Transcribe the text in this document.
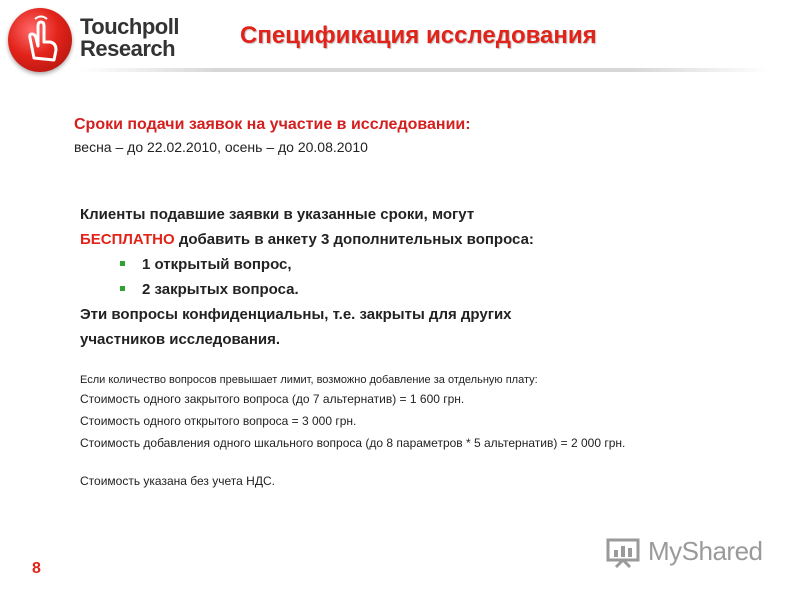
Touchpoll
Research	Спецификация исследования
Сроки подачи заявок на участие в исследовании:
весна – до 22.02.2010, осень – до 20.08.2010
Клиенты подавшие заявки в указанные сроки, могут
БЕСПЛАТНО добавить в анкету 3 дополнительных вопроса:
1 открытый вопрос,
2 закрытых вопроса.
Эти вопросы конфиденциальны, т.е. закрыты для других
участников исследования.
Если количество вопросов превышает лимит, возможно добавление за отдельную плату:
Стоимость одного закрытого вопроса (до 7 альтернатив) = 1 600 грн.
Стоимость одного открытого вопроса = 3 000 грн.
Стоимость добавления одного шкального вопроса (до 8 параметров * 5 альтернатив) = 2 000 грн.
Стоимость указана без учета НДС.
8
MyShared
